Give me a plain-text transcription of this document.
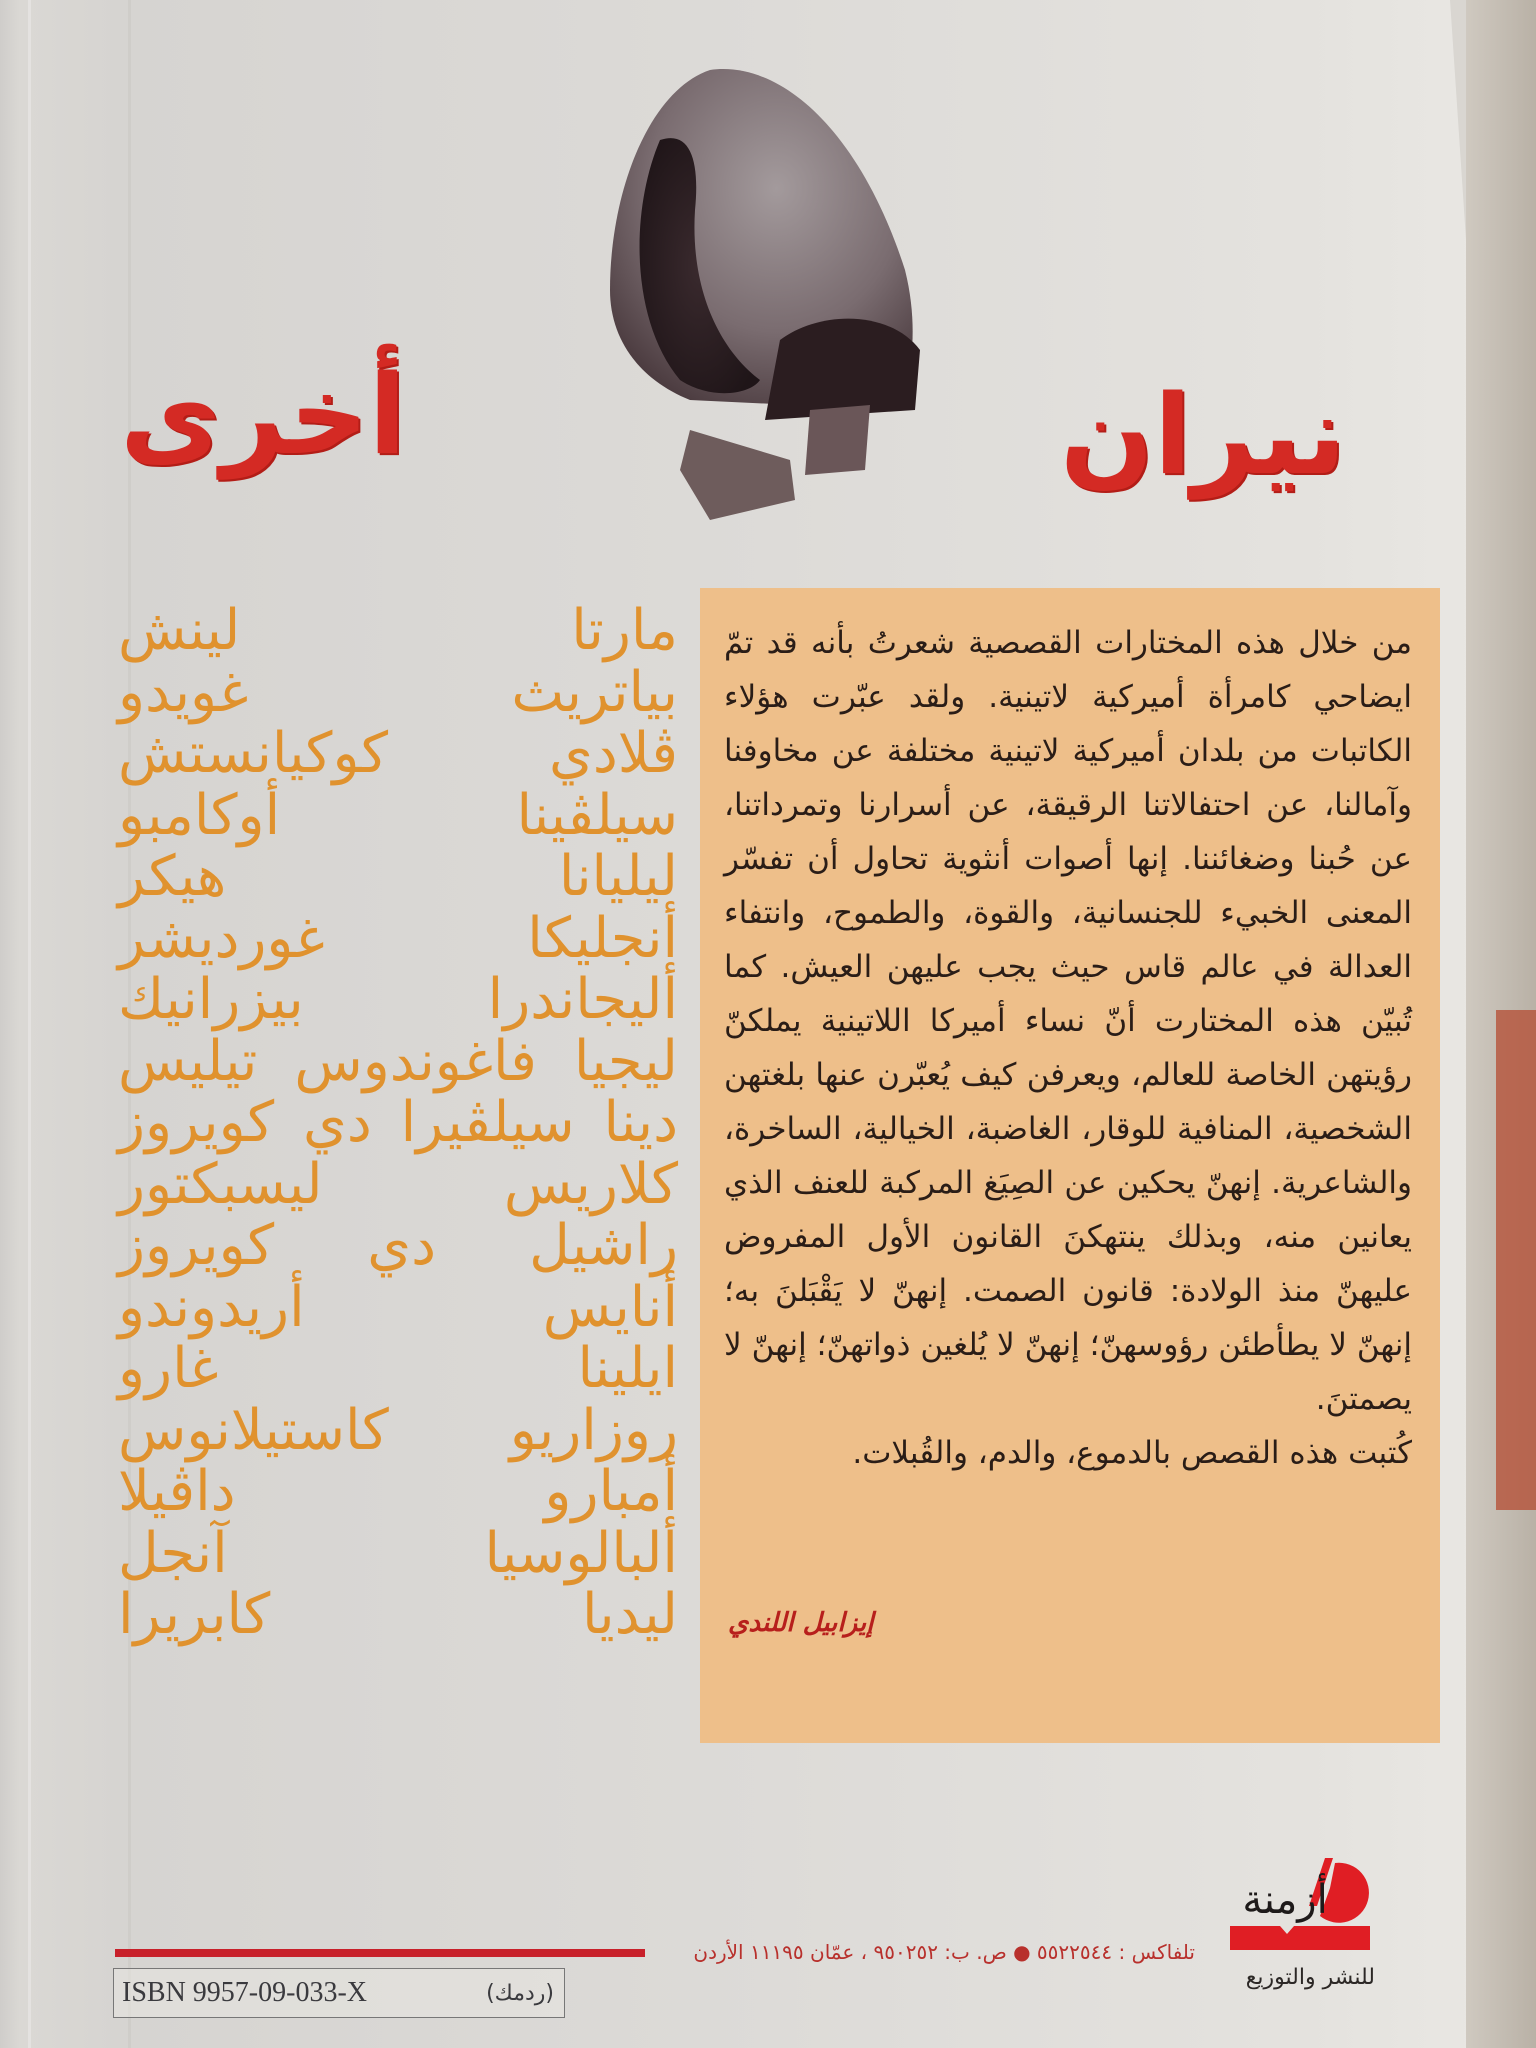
نيران
أخرى
مارتا لينش
بياتريث غويدو
ڤلادي كوكيانستش
سيلڤينا أوكامبو
ليليانا هيكر
أنجليكا غورديشر
أليجاندرا بيزرانيك
ليجيا فاغوندوس تيليس
دينا سيلڤيرا دي كويروز
كلاريس ليسبكتور
راشيل دي كويروز
أنايس أريدوندو
ايلينا غارو
روزاريو كاستيلانوس
أمبارو داڤيلا
ألبالوسيا آنجل
ليديا كابريرا

من خلال هذه المختارات القصصية شعرتُ بأنه قد تمّ ايضاحي كامرأة أميركية لاتينية. ولقد عبّرت هؤلاء الكاتبات من بلدان أميركية لاتينية مختلفة عن مخاوفنا وآمالنا، عن احتفالاتنا الرقيقة، عن أسرارنا وتمرداتنا، عن حُبنا وضغائننا. إنها أصوات أنثوية تحاول أن تفسّر المعنى الخبيء للجنسانية، والقوة، والطموح، وانتفاء العدالة في عالم قاس حيث يجب عليهن العيش. كما تُبيّن هذه المختارت أنّ نساء أميركا اللاتينية يملكنّ رؤيتهن الخاصة للعالم، ويعرفن كيف يُعبّرن عنها بلغتهن الشخصية، المنافية للوقار، الغاضبة، الخيالية، الساخرة، والشاعرية. إنهنّ يحكين عن الصِيَغ المركبة للعنف الذي يعانين منه، وبذلك ينتهكنَ القانون الأول المفروض عليهنّ منذ الولادة: قانون الصمت. إنهنّ لا يَقْبَلنَ به؛ إنهنّ لا يطأطئن رؤوسهنّ؛ إنهنّ لا يُلغين ذواتهنّ؛ إنهنّ لا يصمتنَ.

كُتبت هذه القصص بالدموع، والدم، والقُبلات.

إيزابيل اللندي
تلفاكس : ٥٥٢٢٥٤٤ ● ص. ب: ٩٥٠٢٥٢ ، عمّان ١١١٩٥ الأردن
أزمنة
للنشر والتوزيع
ISBN 9957-09-033-X	(ردمك)
